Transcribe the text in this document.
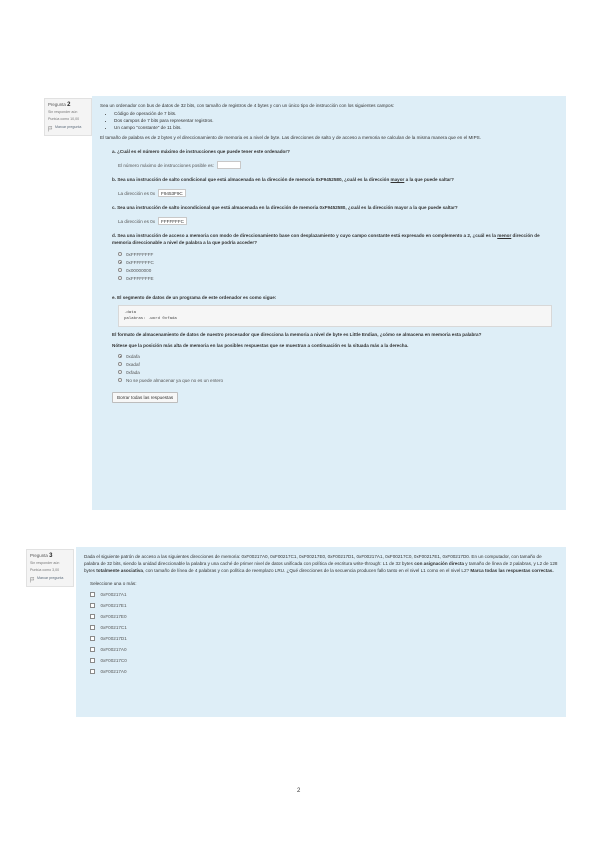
Pregunta 2
Sin responder aún
Puntúa como 10,00
Marcar pregunta

Sea un ordenador con bus de datos de 32 bits, con tamaño de registros de 4 bytes y con un único tipo de instrucción con los siguientes campos:

• Código de operación de 7 bits.
• Dos campos de 7 bits para representar registros.
• Un campo "constante" de 11 bits.

El tamaño de palabra es de 2 bytes y el direccionamiento de memoria es a nivel de byte. Las direcciones de salto y de acceso a memoria se calculan de la misma manera que en el MIPS.

a. ¿Cuál es el número máximo de instrucciones que puede tener este ordenador?
El número máximo de instrucciones posible es:
b. Sea una instrucción de salto condicional que está almacenada en la dirección de memoria 0xF9452580, ¿cuál es la dirección mayor a la que puede saltar?
La dirección es 0x	F9453F9C
c. Sea una instrucción de salto incondicional que está almacenada en la dirección de memoria 0xF9452580, ¿cuál es la dirección mayor a la que puede saltar?
La dirección es 0x	FFFFFFFC
d. Sea una instrucción de acceso a memoria con modo de direccionamiento base con desplazamiento y cuyo campo constante está expresado en complemento a 2, ¿cuál es la menor dirección de memoria direccionable a nivel de palabra a la que podría acceder?
0xFFFFFFFF
0xFFFFFFFC
0x00000000
0xFFFFFFFE
e. El segmento de datos de un programa de este ordenador es como sigue:
.data
palabras: .word 0xfada
El formato de almacenamiento de datos de nuestro procesador que direcciona la memoria a nivel de byte es Little Endian, ¿cómo se almacena en memoria esta palabra?
Nótese que la posición más alta de memoria en las posibles respuestas que se muestran a continuación es la situada más a la derecha.
0xdafa
0xadaf
0xfada
No se puede almacenar ya que no es un entero
Borrar todas las respuestas
Pregunta 3
Sin responder aún
Puntúa como 3,00
Marcar pregunta

Dada el siguiente patrón de acceso a las siguientes direcciones de memoria: 0xF00217A0, 0xF00217C1, 0xF00217E0, 0xF00217D1, 0xF00217A1, 0xF00217C0, 0xF00217E1, 0xF00217D0. En un computador, con tamaño de palabra de 32 bits, siendo la unidad direccionable la palabra y una caché de primer nivel de datos unificada con política de escritura write-through: L1 de 32 bytes con asignación directa y tamaño de línea de 2 palabras, y L2 de 128 bytes totalmente asociativa, con tamaño de línea de 4 palabras y con política de reemplazo LRU. ¿Qué direcciones de la secuencia producen fallo tanto en el nivel L1 como en el nivel L2? Marca todas las respuestas correctas.

Seleccione una o más:
0xF00217A1
0xF00217E1
0xF00217E0
0xF00217C1
0xF00217D1
0xF00217A0
0xF00217C0
0xF00217A0
2
